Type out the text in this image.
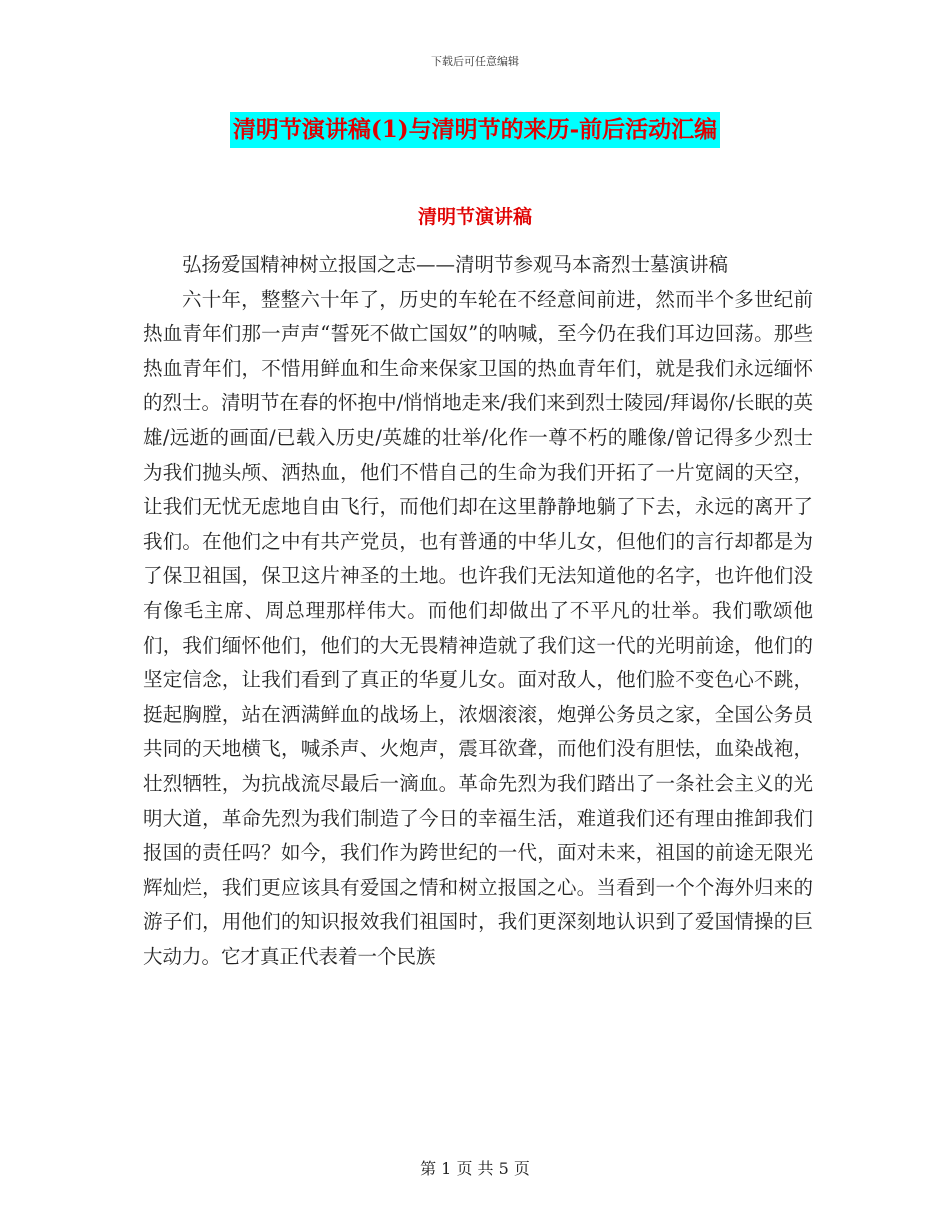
下载后可任意编辑
清明节演讲稿(1)与清明节的来历-前后活动汇编
清明节演讲稿

弘扬爱国精神树立报国之志——清明节参观马本斋烈士墓演讲稿

六十年，整整六十年了，历史的车轮在不经意间前进，然而半个多世纪前热血青年们那一声声“誓死不做亡国奴”的呐喊，至今仍在我们耳边回荡。那些热血青年们，不惜用鲜血和生命来保家卫国的热血青年们，就是我们永远缅怀的烈士。清明节在春的怀抱中/悄悄地走来/我们来到烈士陵园/拜谒你/长眠的英雄/远逝的画面/已载入历史/英雄的壮举/化作一尊不朽的雕像/曾记得多少烈士为我们抛头颅、洒热血，他们不惜自己的生命为我们开拓了一片宽阔的天空，让我们无忧无虑地自由飞行，而他们却在这里静静地躺了下去，永远的离开了我们。在他们之中有共产党员，也有普通的中华儿女，但他们的言行却都是为了保卫祖国，保卫这片神圣的土地。也许我们无法知道他的名字，也许他们没有像毛主席、周总理那样伟大。而他们却做出了不平凡的壮举。我们歌颂他们，我们缅怀他们，他们的大无畏精神造就了我们这一代的光明前途，他们的坚定信念，让我们看到了真正的华夏儿女。面对敌人，他们脸不变色心不跳，挺起胸膛，站在洒满鲜血的战场上，浓烟滚滚，炮弹公务员之家，全国公务员共同的天地横飞，喊杀声、火炮声，震耳欲聋，而他们没有胆怯，血染战袍，壮烈牺牲，为抗战流尽最后一滴血。革命先烈为我们踏出了一条社会主义的光明大道，革命先烈为我们制造了今日的幸福生活，难道我们还有理由推卸我们报国的责任吗？如今，我们作为跨世纪的一代，面对未来，祖国的前途无限光辉灿烂，我们更应该具有爱国之情和树立报国之心。当看到一个个海外归来的游子们，用他们的知识报效我们祖国时，我们更深刻地认识到了爱国情操的巨大动力。它才真正代表着一个民族

第 1 页 共 5 页
